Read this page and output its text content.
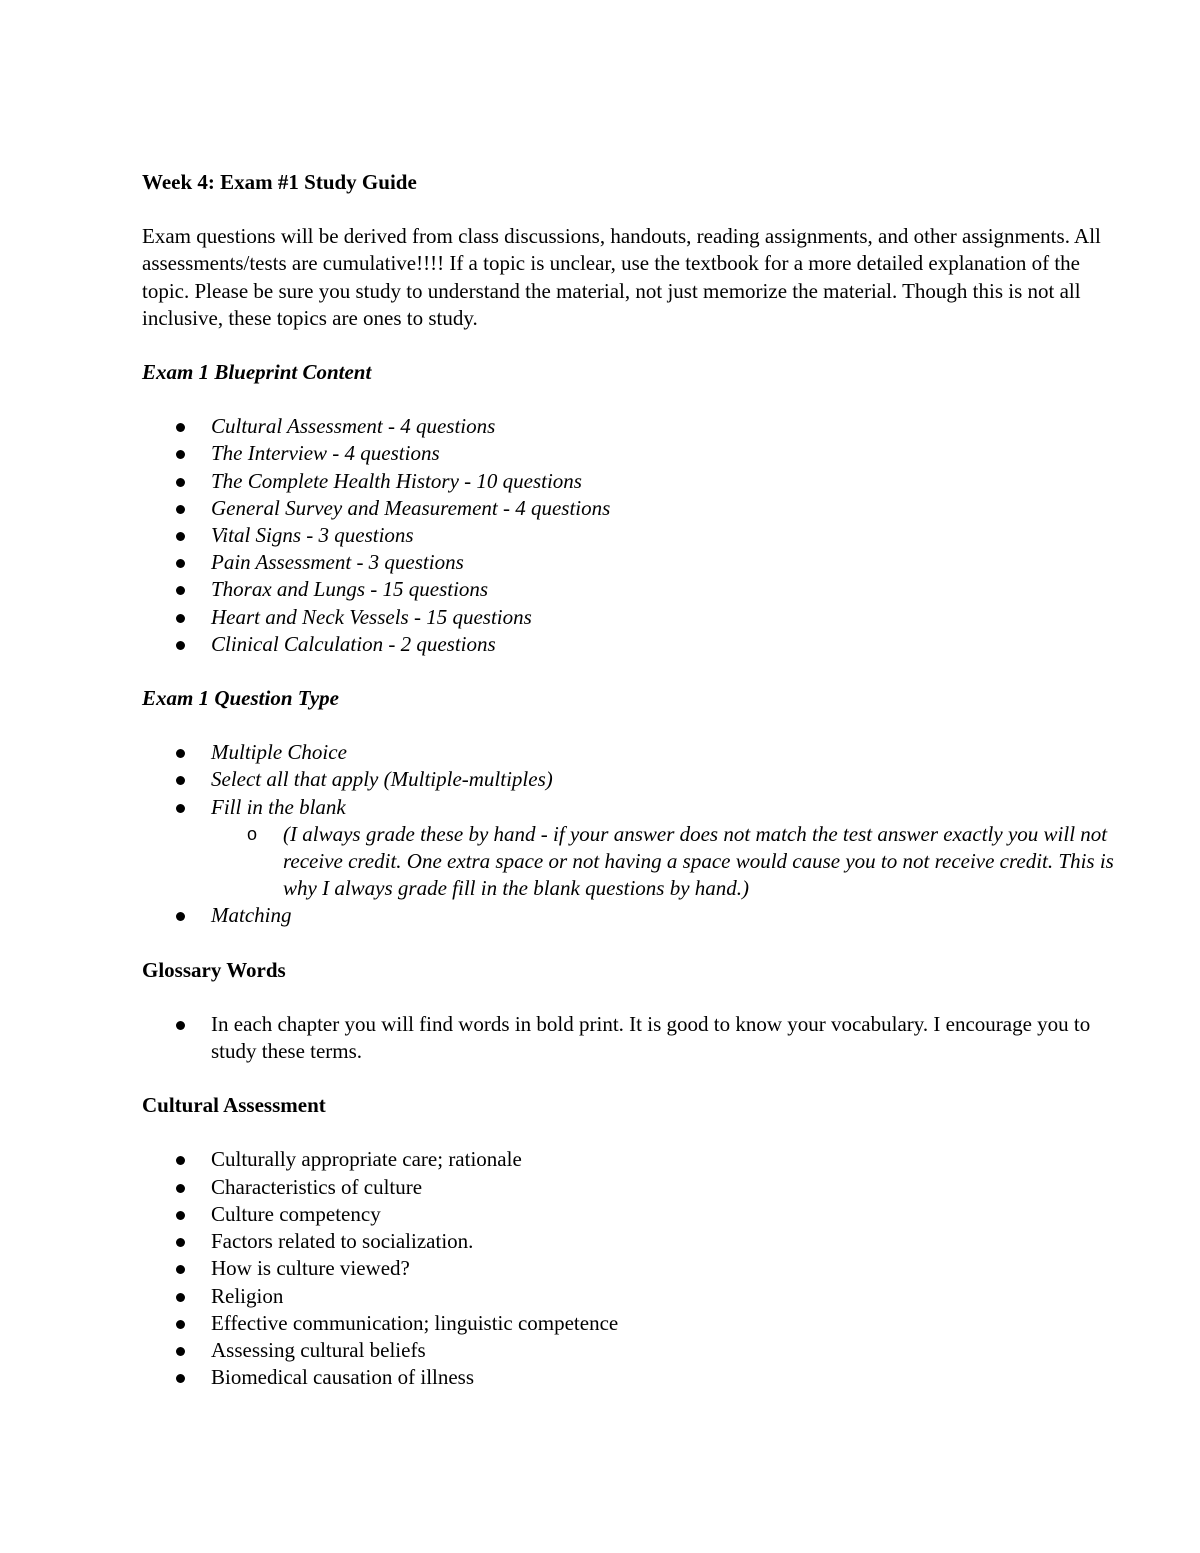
Week 4: Exam #1 Study Guide

Exam questions will be derived from class discussions, handouts, reading assignments, and other assignments. All assessments/tests are cumulative!!!! If a topic is unclear, use the textbook for a more detailed explanation of the topic. Please be sure you study to understand the material, not just memorize the material. Though this is not all inclusive, these topics are ones to study.

Exam 1 Blueprint Content
Cultural Assessment - 4 questions
The Interview - 4 questions
The Complete Health History - 10 questions
General Survey and Measurement - 4 questions
Vital Signs - 3 questions
Pain Assessment - 3 questions
Thorax and Lungs - 15 questions
Heart and Neck Vessels - 15 questions
Clinical Calculation - 2 questions
Exam 1 Question Type
Multiple Choice
Select all that apply (Multiple-multiples)
Fill in the blank
o (I always grade these by hand - if your answer does not match the test answer exactly you will not receive credit. One extra space or not having a space would cause you to not receive credit. This is why I always grade fill in the blank questions by hand.)
Matching
Glossary Words
In each chapter you will find words in bold print. It is good to know your vocabulary. I encourage you to study these terms.
Cultural Assessment
Culturally appropriate care; rationale
Characteristics of culture
Culture competency
Factors related to socialization.
How is culture viewed?
Religion
Effective communication; linguistic competence
Assessing cultural beliefs
Biomedical causation of illness
